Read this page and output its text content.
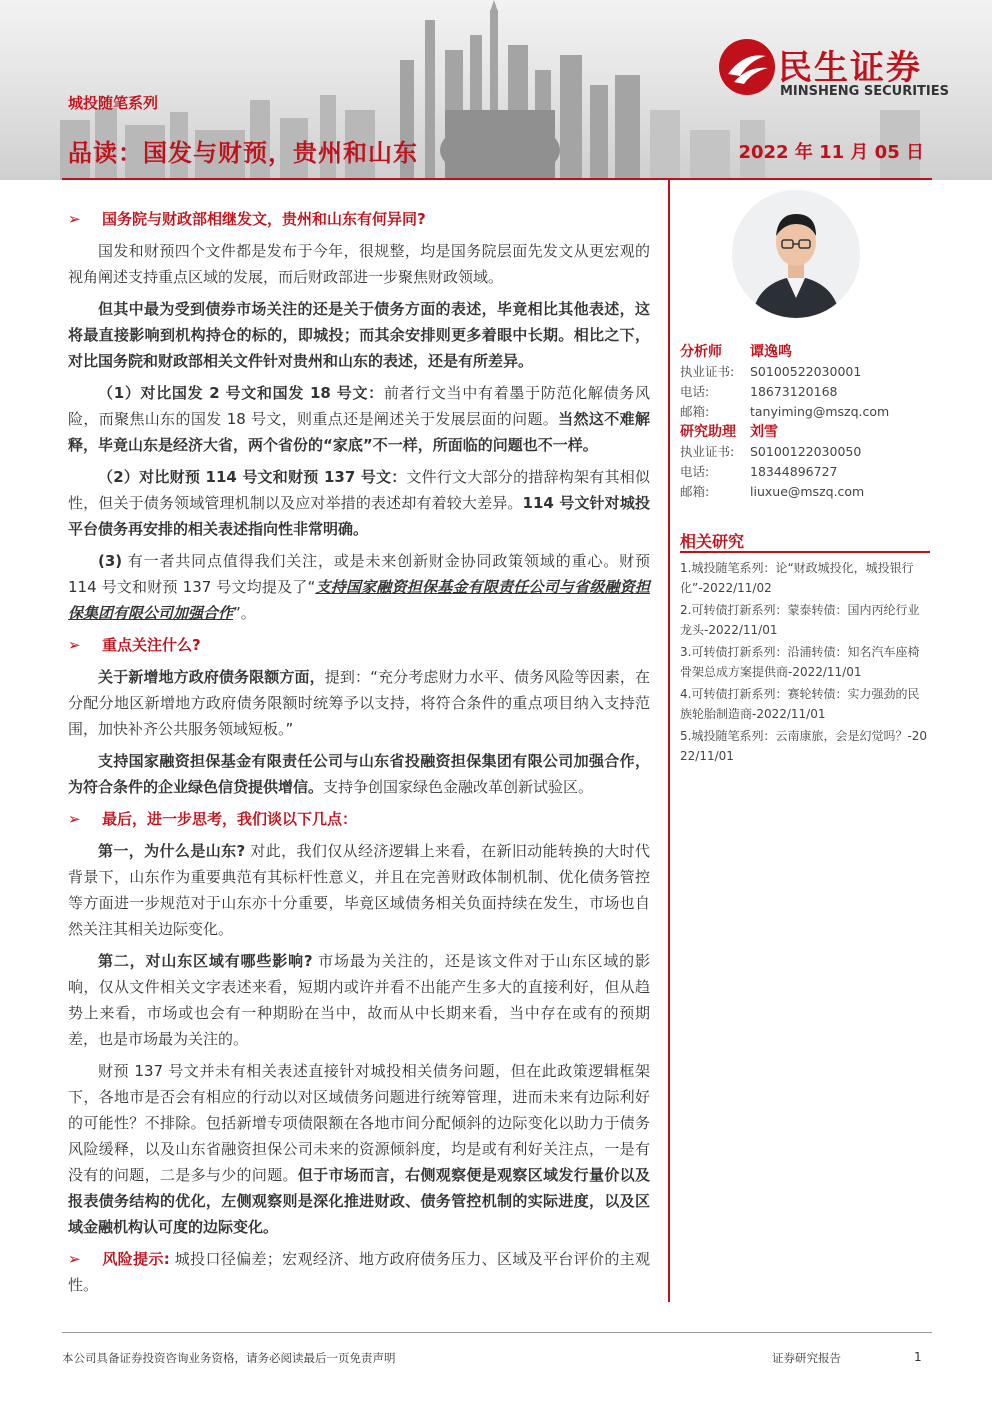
民生证券
MINSHENG SECURITIES
城投随笔系列
品读：国发与财预，贵州和山东	2022 年 11 月 05 日

➢ 国务院与财政部相继发文，贵州和山东有何异同?

国发和财预四个文件都是发布于今年，很规整，均是国务院层面先发文从更宏观的视角阐述支持重点区域的发展，而后财政部进一步聚焦财政领域。

但其中最为受到债券市场关注的还是关于债务方面的表述，毕竟相比其他表述，这将最直接影响到机构持仓的标的，即城投；而其余安排则更多着眼中长期。相比之下，对比国务院和财政部相关文件针对贵州和山东的表述，还是有所差异。

（1）对比国发 2 号文和国发 18 号文：前者行文当中有着墨于防范化解债务风险，而聚焦山东的国发 18 号文，则重点还是阐述关于发展层面的问题。当然这不难解释，毕竟山东是经济大省，两个省份的“家底”不一样，所面临的问题也不一样。

（2）对比财预 114 号文和财预 137 号文：文件行文大部分的措辞构架有其相似性，但关于债务领域管理机制以及应对举措的表述却有着较大差异。114 号文针对城投平台债务再安排的相关表述指向性非常明确。

(3) 有一者共同点值得我们关注，或是未来创新财金协同政策领域的重心。财预 114 号文和财预 137 号文均提及了“支持国家融资担保基金有限责任公司与省级融资担保集团有限公司加强合作”。

➢ 重点关注什么?

关于新增地方政府债务限额方面，提到：“充分考虑财力水平、债务风险等因素，在分配分地区新增地方政府债务限额时统筹予以支持，将符合条件的重点项目纳入支持范围，加快补齐公共服务领域短板。”

支持国家融资担保基金有限责任公司与山东省投融资担保集团有限公司加强合作，为符合条件的企业绿色信贷提供增信。支持争创国家绿色金融改革创新试验区。

➢ 最后，进一步思考，我们谈以下几点：

第一，为什么是山东? 对此，我们仅从经济逻辑上来看，在新旧动能转换的大时代背景下，山东作为重要典范有其标杆性意义，并且在完善财政体制机制、优化债务管控等方面进一步规范对于山东亦十分重要，毕竟区域债务相关负面持续在发生，市场也自然关注其相关边际变化。

第二，对山东区域有哪些影响? 市场最为关注的，还是该文件对于山东区域的影响，仅从文件相关文字表述来看，短期内或许并看不出能产生多大的直接利好，但从趋势上来看，市场或也会有一种期盼在当中，故而从中长期来看，当中存在或有的预期差，也是市场最为关注的。

财预 137 号文并未有相关表述直接针对城投相关债务问题，但在此政策逻辑框架下，各地市是否会有相应的行动以对区域债务问题进行统筹管理，进而未来有边际利好的可能性？不排除。包括新增专项债限额在各地市间分配倾斜的边际变化以助力于债务风险缓释，以及山东省融资担保公司未来的资源倾斜度，均是或有利好关注点，一是有没有的问题，二是多与少的问题。但于市场而言，右侧观察便是观察区域发行量价以及报表债务结构的优化，左侧观察则是深化推进财政、债务管控机制的实际进度，以及区域金融机构认可度的边际变化。

➢ 风险提示: 城投口径偏差；宏观经济、地方政府债务压力、区域及平台评价的主观性。

分析师 谭逸鸣
执业证书: S0100522030001
电话:	18673120168
邮箱:	tanyiming@mszq.com
研究助理 刘雪
执业证书: S0100122030050
电话:	18344896727
邮箱:	liuxue@mszq.com
相关研究
1.城投随笔系列：论“财政城投化，城投银行化”-2022/11/02
2.可转债打新系列：蒙泰转债：国内丙纶行业龙头-2022/11/01
3.可转债打新系列：沿浦转债：知名汽车座椅骨架总成方案提供商-2022/11/01
4.可转债打新系列：赛轮转债：实力强劲的民族轮胎制造商-2022/11/01
5.城投随笔系列：云南康旅，会是幻觉吗？-2022/11/01
本公司具备证券投资咨询业务资格，请务必阅读最后一页免责声明	证券研究报告	1
